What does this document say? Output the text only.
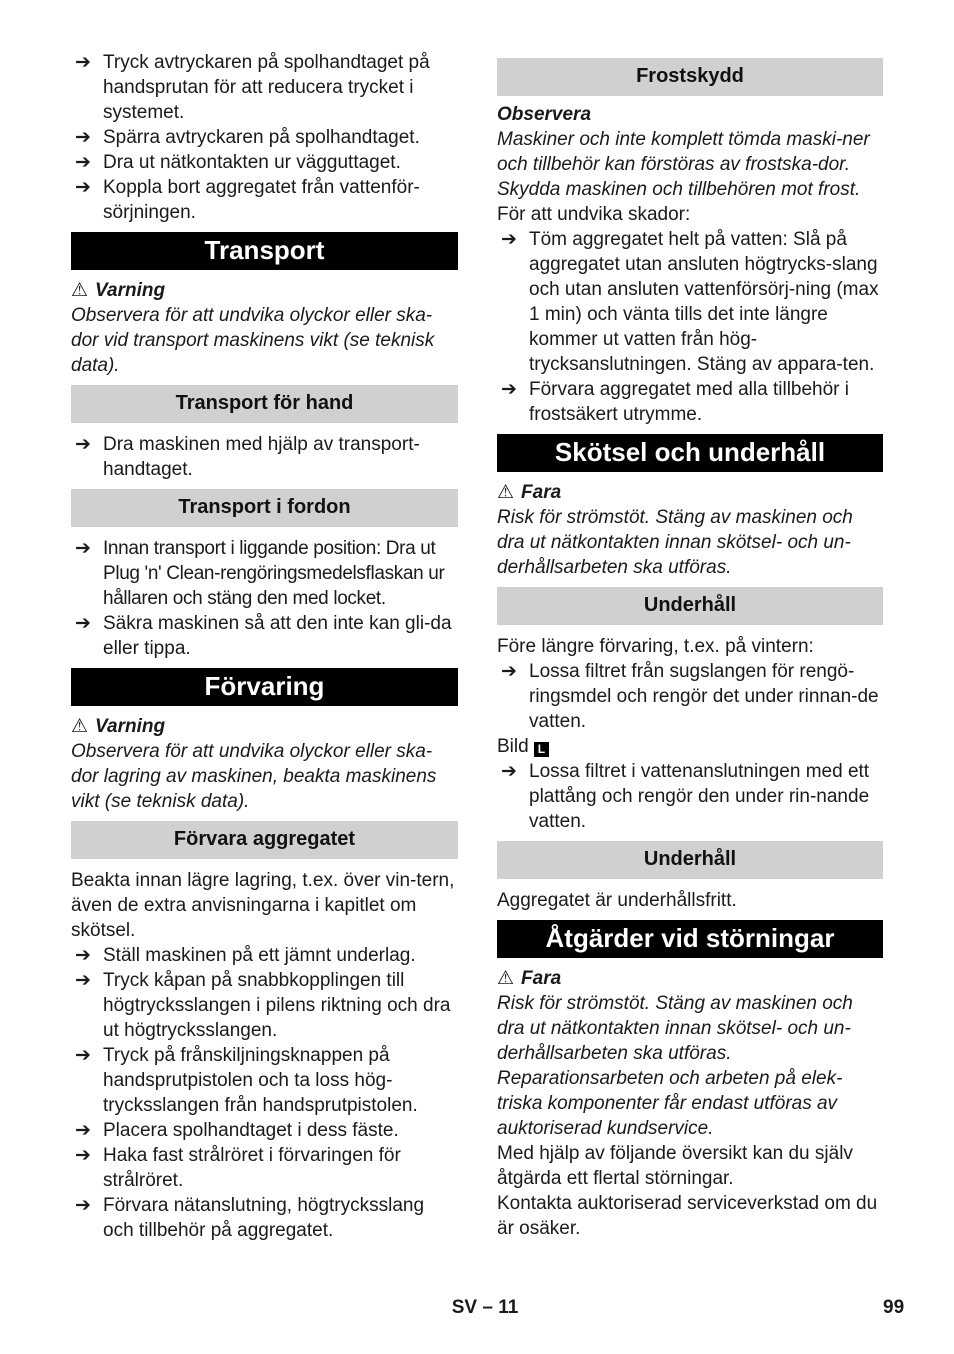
➔ Tryck avtryckaren på spolhandtaget på handsprutan för att reducera trycket i systemet.
➔ Spärra avtryckaren på spolhandtaget.
➔ Dra ut nätkontakten ur vägguttaget.
➔ Koppla bort aggregatet från vattenför-sörjningen.
Transport

⚠ Varning

Observera för att undvika olyckor eller ska-dor vid transport maskinens vikt (se teknisk data).

Transport för hand
➔ Dra maskinen med hjälp av transport-handtaget.
Transport i fordon
➔ Innan transport i liggande position: Dra ut Plug 'n' Clean-rengöringsmedelsflaskan ur hållaren och stäng den med locket.
➔ Säkra maskinen så att den inte kan gli-da eller tippa.
Förvaring

⚠ Varning

Observera för att undvika olyckor eller ska-dor lagring av maskinen, beakta maskinens vikt (se teknisk data).

Förvara aggregatet

Beakta innan lägre lagring, t.ex. över vin-tern, även de extra anvisningarna i kapitlet om skötsel.

➔ Ställ maskinen på ett jämnt underlag.
➔ Tryck kåpan på snabbkopplingen till högtrycksslangen i pilens riktning och dra ut högtrycksslangen.
➔ Tryck på frånskiljningsknappen på handsprutpistolen och ta loss hög-trycksslangen från handsprutpistolen.
➔ Placera spolhandtaget i dess fäste.
➔ Haka fast strålröret i förvaringen för strålröret.
➔ Förvara nätanslutning, högtrycksslang och tillbehör på aggregatet.
Frostskydd

Observera

Maskiner och inte komplett tömda maski-ner och tillbehör kan förstöras av frostska-dor. Skydda maskinen och tillbehören mot frost.

För att undvika skador:

➔ Töm aggregatet helt på vatten: Slå på aggregatet utan ansluten högtrycks-slang och utan ansluten vattenförsörj-ning (max 1 min) och vänta tills det inte längre kommer ut vatten från hög-trycksanslutningen. Stäng av appara-ten.
➔ Förvara aggregatet med alla tillbehör i frostsäkert utrymme.
Skötsel och underhåll

⚠ Fara

Risk för strömstöt. Stäng av maskinen och dra ut nätkontakten innan skötsel- och un-derhållsarbeten ska utföras.

Underhåll

Före längre förvaring, t.ex. på vintern:

➔ Lossa filtret från sugslangen för rengö-ringsmdel och rengör det under rinnan-de vatten.

Bild L

➔ Lossa filtret i vattenanslutningen med ett plattång och rengör den under rin-nande vatten.
Underhåll

Aggregatet är underhållsfritt.

Åtgärder vid störningar

⚠ Fara

Risk för strömstöt. Stäng av maskinen och dra ut nätkontakten innan skötsel- och un-derhållsarbeten ska utföras.

Reparationsarbeten och arbeten på elek-triska komponenter får endast utföras av auktoriserad kundservice.

Med hjälp av följande översikt kan du själv åtgärda ett flertal störningar.

Kontakta auktoriserad serviceverkstad om du är osäker.

SV – 11	99
